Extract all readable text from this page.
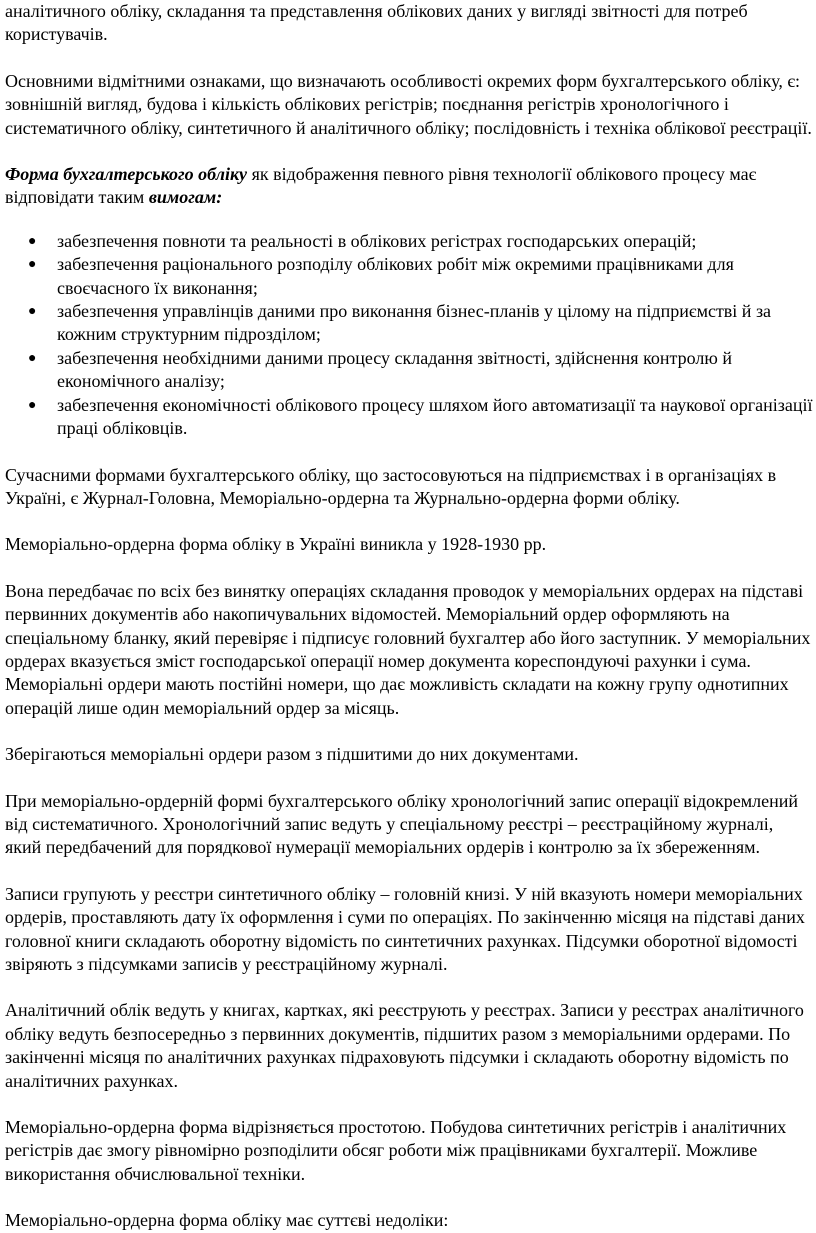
аналітичного обліку, складання та представлення облікових даних у вигляді звітності для потреб користувачів.

Основними відмітними ознаками, що визначають особливості окремих форм бухгалтерського обліку, є: зовнішній вигляд, будова і кількість облікових регістрів; поєднання регістрів хронологічного і систематичного обліку, синтетичного й аналітичного обліку; послідовність і техніка облікової реєстрації.

Форма бухгалтерського обліку як відображення певного рівня технології облікового процесу має відповідати таким вимогам:

● забезпечення повноти та реальності в облікових регістрах господарських операцій;
● забезпечення раціонального розподілу облікових робіт між окремими працівниками для своєчасного їх виконання;
● забезпечення управлінців даними про виконання бізнес-планів у цілому на підприємстві й за кожним структурним підрозділом;
● забезпечення необхідними даними процесу складання звітності, здійснення контролю й економічного аналізу;
● забезпечення економічності облікового процесу шляхом його автоматизації та наукової організації праці обліковців.

Сучасними формами бухгалтерського обліку, що застосовуються на підприємствах і в організаціях в Україні, є Журнал-Головна, Меморіально-ордерна та Журнально-ордерна форми обліку.

Меморіально-ордерна форма обліку в Україні виникла у 1928-1930 рр.

Вона передбачає по всіх без винятку операціях складання проводок у меморіальних ордерах на підставі первинних документів або накопичувальних відомостей. Меморіальний ордер оформляють на спеціальному бланку, який перевіряє і підписує головний бухгалтер або його заступник. У меморіальних ордерах вказується зміст господарської операції номер документа кореспондуючі рахунки і сума. Меморіальні ордери мають постійні номери, що дає можливість складати на кожну групу однотипних операцій лише один меморіальний ордер за місяць.

Зберігаються меморіальні ордери разом з підшитими до них документами.

При меморіально-ордерній формі бухгалтерського обліку хронологічний запис операції відокремлений від систематичного. Хронологічний запис ведуть у спеціальному реєстрі – реєстраційному журналі, який передбачений для порядкової нумерації меморіальних ордерів і контролю за їх збереженням.

Записи групують у реєстри синтетичного обліку – головній книзі. У ній вказують номери меморіальних ордерів, проставляють дату їх оформлення і суми по операціях. По закінченню місяця на підставі даних головної книги складають оборотну відомість по синтетичних рахунках. Підсумки оборотної відомості звіряють з підсумками записів у реєстраційному журналі.

Аналітичний облік ведуть у книгах, картках, які реєструють у реєстрах. Записи у реєстрах аналітичного обліку ведуть безпосередньо з первинних документів, підшитих разом з меморіальними ордерами. По закінченні місяця по аналітичних рахунках підраховують підсумки і складають оборотну відомість по аналітичних рахунках.

Меморіально-ордерна форма відрізняється простотою. Побудова синтетичних регістрів і аналітичних регістрів дає змогу рівномірно розподілити обсяг роботи між працівниками бухгалтерії. Можливе використання обчислювальної техніки.

Меморіально-ордерна форма обліку має суттєві недоліки:
